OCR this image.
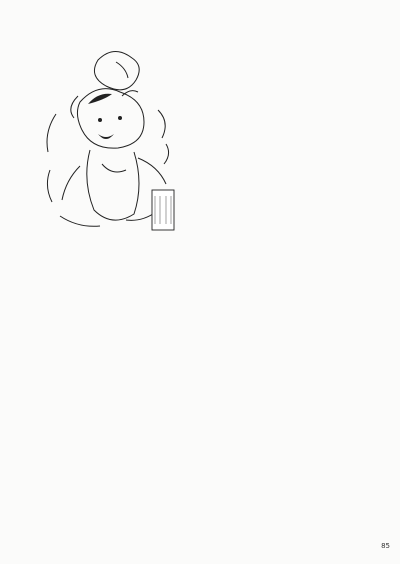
85
